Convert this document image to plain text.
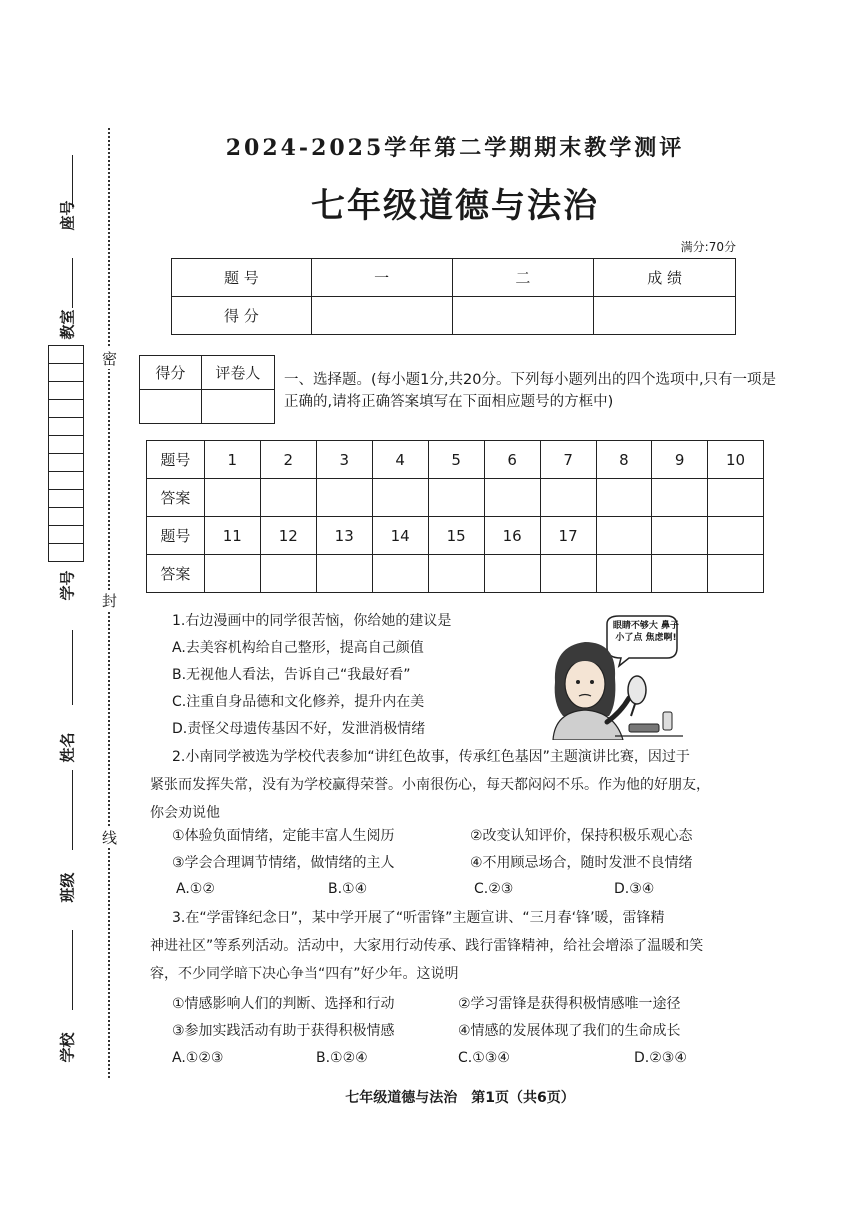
座号
教室
学号
姓名
班级
学校
密
封
线
2024-2025学年第二学期期末教学测评
七年级道德与法治
满分:70分
题 号	一	二	成 绩
得 分			
得分	评卷人
	一、选择题。(每小题1分,共20分。下列每小题列出的四个选项中,只有一项是正确的,请将正确答案填写在下面相应题号的方框中)
题号	1	2	3	4	5	6	7	8	9	10
答案										
题号	11	12	13	14	15	16	17			
答案										
1.右边漫画中的同学很苦恼，你给她的建议是
A.去美容机构给自己整形，提高自己颜值
B.无视他人看法，告诉自己“我最好看”
C.注重自身品德和文化修养，提升内在美
D.责怪父母遗传基因不好，发泄消极情绪
眼睛不够大 鼻子小了点 焦虑啊!
2.小南同学被选为学校代表参加“讲红色故事，传承红色基因”主题演讲比赛，因过于
紧张而发挥失常，没有为学校赢得荣誉。小南很伤心，每天都闷闷不乐。作为他的好朋友，
你会劝说他
①体验负面情绪，定能丰富人生阅历	②改变认知评价，保持积极乐观心态
③学会合理调节情绪，做情绪的主人	④不用顾忌场合，随时发泄不良情绪
A.①②	B.①④	C.②③	D.③④
3.在“学雷锋纪念日”，某中学开展了“听雷锋”主题宣讲、“三月春‘锋’暖，雷锋精
神进社区”等系列活动。活动中，大家用行动传承、践行雷锋精神，给社会增添了温暖和笑
容，不少同学暗下决心争当“四有”好少年。这说明
①情感影响人们的判断、选择和行动	②学习雷锋是获得积极情感唯一途径
③参加实践活动有助于获得积极情感	④情感的发展体现了我们的生命成长
A.①②③	B.①②④	C.①③④	D.②③④
七年级道德与法治　第1页（共6页）
